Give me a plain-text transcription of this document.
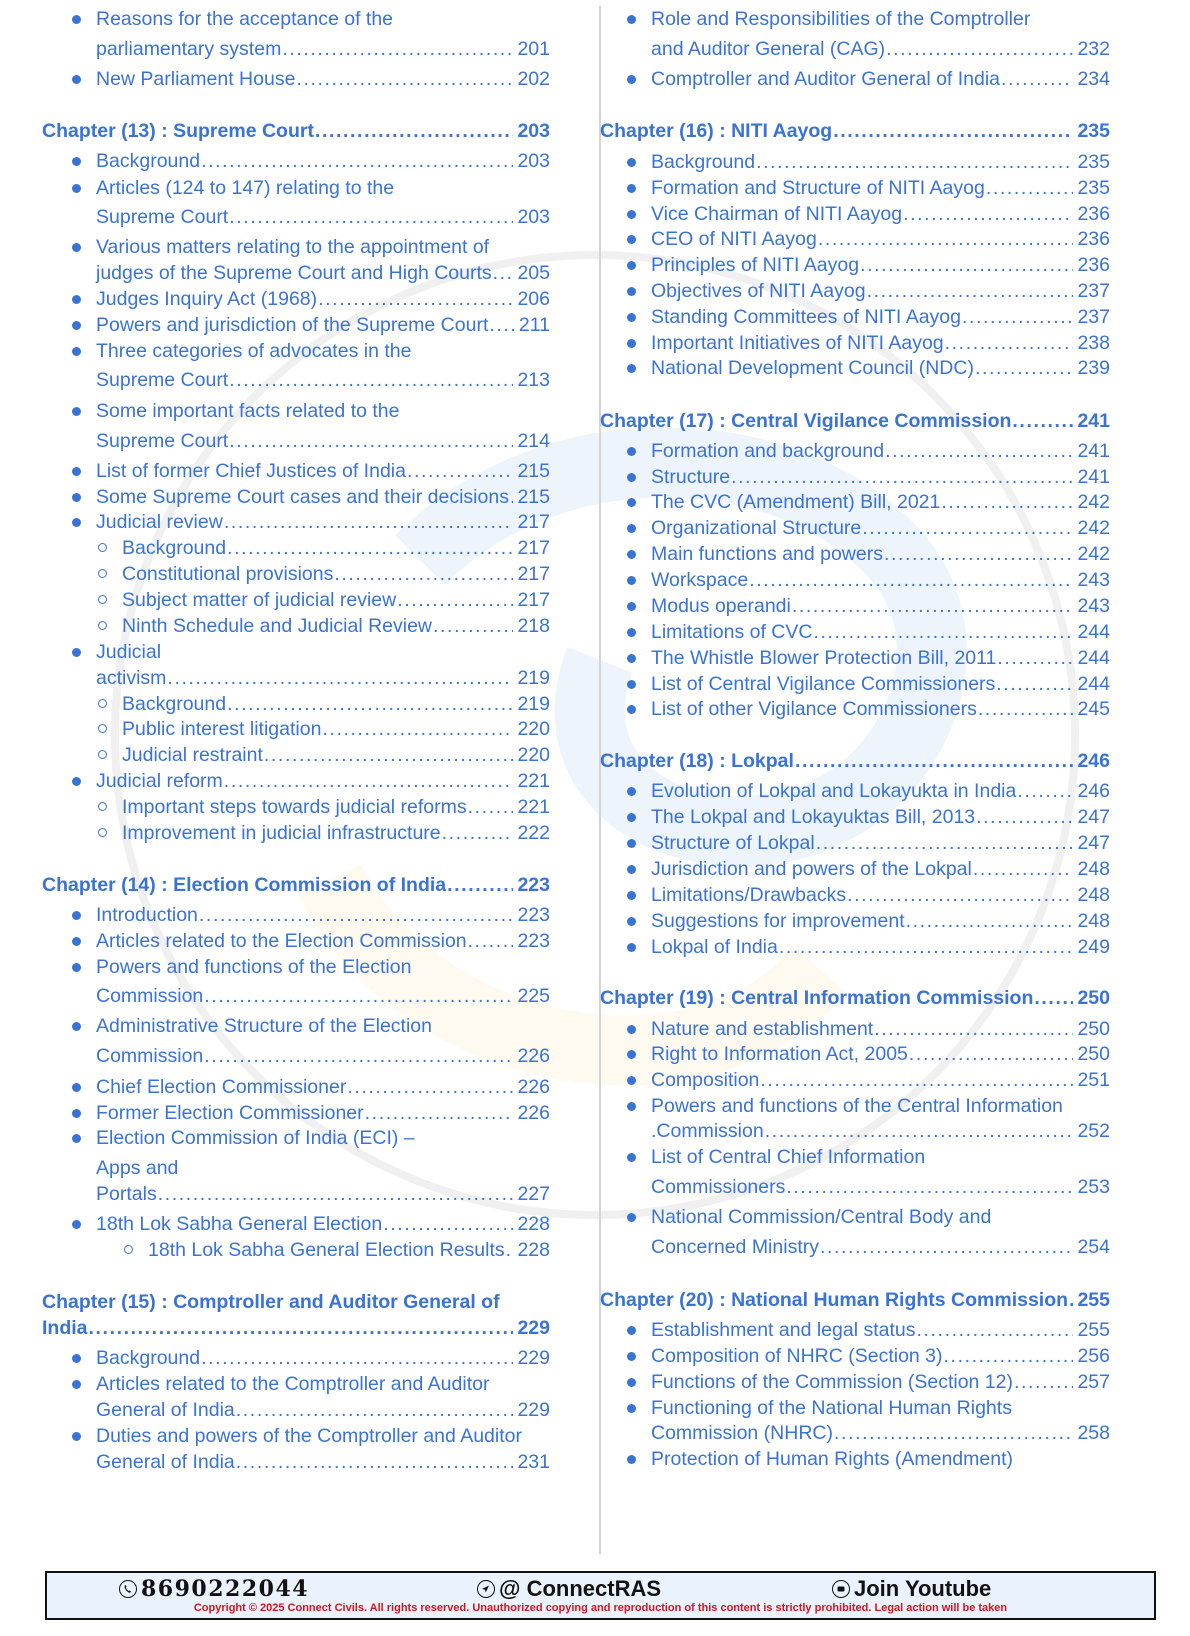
Reasons for the acceptance of the
parliamentary system .....	201
New Parliament House .....	202
Chapter (13) : Supreme Court .....	203
Background .....	203
Articles (124 to 147) relating to the
Supreme Court .....	203
Various matters relating to the appointment of
judges of the Supreme Court and High Courts ..... 205
Judges Inquiry Act (1968) .....	206
Powers and jurisdiction of the Supreme Court ..... 211
Three categories of advocates in the
Supreme Court .....	213
Some important facts related to the
Supreme Court .....	214
List of former Chief Justices of India .....	215
Some Supreme Court cases and their decisions ..... 215
Judicial review .....	217
Background .....	217
Constitutional provisions .....	217
Subject matter of judicial review .....	217
Ninth Schedule and Judicial Review .....	218
Judicial
activism .....	219
Background .....	219
Public interest litigation .....	220
Judicial restraint .....	220
Judicial reform .....	221
Important steps towards judicial reforms .....	221
Improvement in judicial infrastructure .....	222
Chapter (14) : Election Commission of India .....	223
Introduction .....	223
Articles related to the Election Commission .....	223
Powers and functions of the Election
Commission .....	225
Administrative Structure of the Election
Commission .....	226
Chief Election Commissioner .....	226
Former Election Commissioner .....	226
Election Commission of India (ECI) –
Apps and
Portals .....	227
18th Lok Sabha General Election .....	228
18th Lok Sabha General Election Results ..... 228
Chapter (15) : Comptroller and Auditor General of
India .....	229
Background .....	229
Articles related to the Comptroller and Auditor
General of India .....	229
Duties and powers of the Comptroller and Auditor
General of India .....	231
Role and Responsibilities of the Comptroller
and Auditor General (CAG) .....	232
Comptroller and Auditor General of India .....	234
Chapter (16) : NITI Aayog .....	235
Background .....	235
Formation and Structure of NITI Aayog .....	235
Vice Chairman of NITI Aayog .....	236
CEO of NITI Aayog .....	236
Principles of NITI Aayog .....	236
Objectives of NITI Aayog .....	237
Standing Committees of NITI Aayog .....	237
Important Initiatives of NITI Aayog .....	238
National Development Council (NDC) .....	239
Chapter (17) : Central Vigilance Commission .....	241
Formation and background .....	241
Structure .....	241
The CVC (Amendment) Bill, 2021 .....	242
Organizational Structure .....	242
Main functions and powers .....	242
Workspace .....	243
Modus operandi .....	243
Limitations of CVC .....	244
The Whistle Blower Protection Bill, 2011 .....	244
List of Central Vigilance Commissioners .....	244
List of other Vigilance Commissioners .....	245
Chapter (18) : Lokpal .....	246
Evolution of Lokpal and Lokayukta in India .....	246
The Lokpal and Lokayuktas Bill, 2013 .....	247
Structure of Lokpal .....	247
Jurisdiction and powers of the Lokpal .....	248
Limitations/Drawbacks .....	248
Suggestions for improvement .....	248
Lokpal of India .....	249
Chapter (19) : Central Information Commission ..... 250
Nature and establishment .....	250
Right to Information Act, 2005 .....	250
Composition .....	251
Powers and functions of the Central Information
.Commission .....	252
List of Central Chief Information
Commissioners .....	253
National Commission/Central Body and
Concerned Ministry .....	254
Chapter (20) : National Human Rights Commission ..... 255
Establishment and legal status .....	255
Composition of NHRC (Section 3) .....	256
Functions of the Commission (Section 12) .....	257
Functioning of the National Human Rights
Commission (NHRC) .....	258
Protection of Human Rights (Amendment)
8690222044	@ ConnectRAS	Join Youtube
Copyright © 2025 Connect Civils. All rights reserved. Unauthorized copying and reproduction of this content is strictly prohibited. Legal action will be taken
